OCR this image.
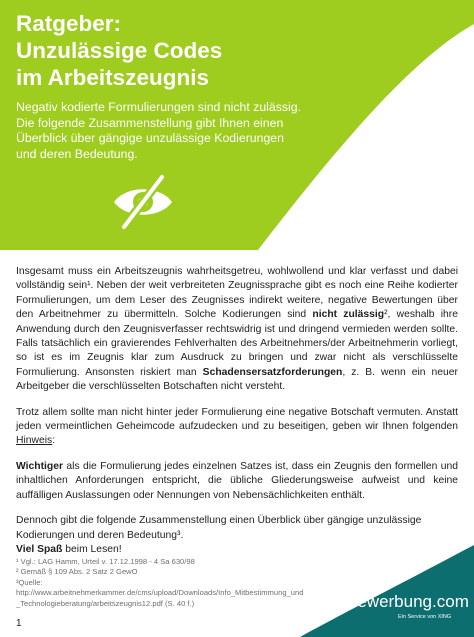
Ratgeber:
Unzulässige Codes
im Arbeitszeugnis

Negativ kodierte Formulierungen sind nicht zulässig. Die folgende Zusammenstellung gibt Ihnen einen Überblick über gängige unzulässige Kodierungen und deren Bedeutung.

Insgesamt muss ein Arbeitszeugnis wahrheitsgetreu, wohlwollend und klar verfasst und dabei vollständig sein¹. Neben der weit verbreiteten Zeugnissprache gibt es noch eine Reihe kodierter Formulierungen, um dem Leser des Zeugnisses indirekt weitere, negative Bewertungen über den Arbeitnehmer zu übermitteln. Solche Kodierungen sind nicht zulässig², weshalb ihre Anwendung durch den Zeugnisverfasser rechtswidrig ist und dringend vermieden werden sollte. Falls tatsächlich ein gravierendes Fehlverhalten des Arbeitnehmers/der Arbeitnehmerin vorliegt, so ist es im Zeugnis klar zum Ausdruck zu bringen und zwar nicht als verschlüsselte Formulierung. Ansonsten riskiert man Schadensersatzforderungen, z. B. wenn ein neuer Arbeitgeber die verschlüsselten Botschaften nicht versteht.

Trotz allem sollte man nicht hinter jeder Formulierung eine negative Botschaft vermuten. Anstatt jeden vermeintlichen Geheimcode aufzudecken und zu beseitigen, geben wir Ihnen folgenden Hinweis:

Wichtiger als die Formulierung jedes einzelnen Satzes ist, dass ein Zeugnis den formellen und inhaltlichen Anforderungen entspricht, die übliche Gliederungsweise aufweist und keine auffälligen Auslassungen oder Nennungen von Nebensächlichkeiten enthält.

Dennoch gibt die folgende Zusammenstellung einen Überblick über gängige unzulässige Kodierungen und deren Bedeutung³.
Viel Spaß beim Lesen!

¹ Vgl.: LAG Hamm, Urteil v. 17.12.1998 - 4 Sa 630/98
² Gemäß § 109 Abs. 2 Satz 2 GewO
³Quelle:
http://www.arbeitnehmerkammer.de/cms/upload/Downloads/Info_Mitbestimmung_und_Technologieberatung/arbeitszeugnis12.pdf (S. 40 f.)	Bewerbung.com
Ein Service von XING
1
